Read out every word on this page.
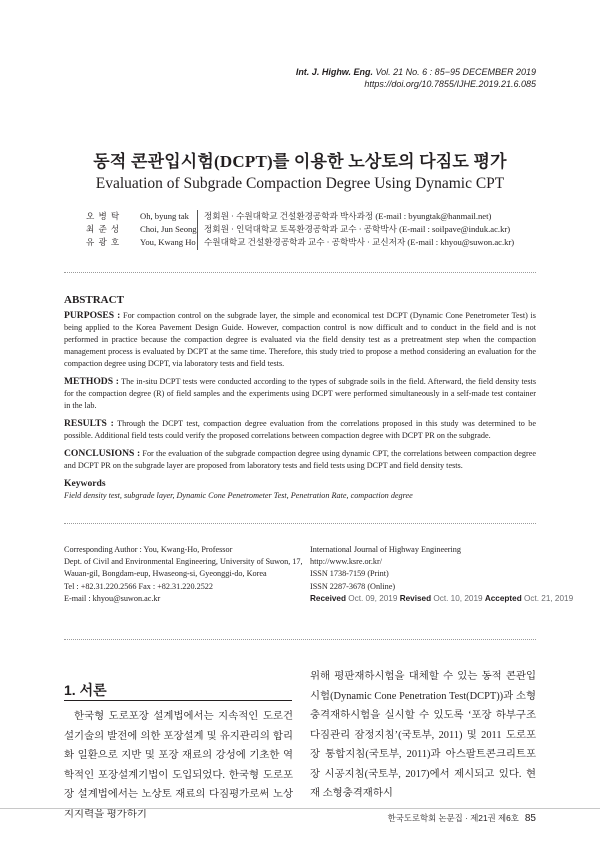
Int. J. Highw. Eng. Vol. 21 No. 6 : 85−95 DECEMBER 2019
https://doi.org/10.7855/IJHE.2019.21.6.085
동적 콘관입시험(DCPT)를 이용한 노상토의 다짐도 평가
Evaluation of Subgrade Compaction Degree Using Dynamic CPT
오 병 탁	Oh, byung tak 정회원 · 수원대학교 건설환경공학과 박사과정 (E-mail : byungtak@hanmail.net)
최 준 성	Choi, Jun Seong 정회원 · 인덕대학교 토목환경공학과 교수 · 공학박사 (E-mail : soilpave@induk.ac.kr)
유 광 호	You, Kwang Ho 수원대학교 건설환경공학과 교수 · 공학박사 · 교신저자 (E-mail : khyou@suwon.ac.kr)
ABSTRACT

PURPOSES : For compaction control on the subgrade layer, the simple and economical test DCPT (Dynamic Cone Penetrometer Test) is being applied to the Korea Pavement Design Guide. However, compaction control is now difficult and to conduct in the field and is not performed in practice because the compaction degree is evaluated via the field density test as a pretreatment step when the compaction management process is evaluated by DCPT at the same time. Therefore, this study tried to propose a method considering an evaluation for the compaction degree using DCPT, via laboratory tests and field tests.

METHODS : The in-situ DCPT tests were conducted according to the types of subgrade soils in the field. Afterward, the field density tests for the compaction degree (R) of field samples and the experiments using DCPT were performed simultaneously in a self-made test container in the lab.

RESULTS : Through the DCPT test, compaction degree evaluation from the correlations proposed in this study was determined to be possible. Additional field tests could verify the proposed correlations between compaction degree with DCPT PR on the subgrade.

CONCLUSIONS : For the evaluation of the subgrade compaction degree using dynamic CPT, the correlations between compaction degree and DCPT PR on the subgrade layer are proposed from laboratory tests and field tests using DCPT and field density tests.

Keywords
Field density test, subgrade layer, Dynamic Cone Penetrometer Test, Penetration Rate, compaction degree
Corresponding Author : You, Kwang-Ho, Professor
Dept. of Civil and Environmental Engineering, University of Suwon, 17,
Wauan-gil, Bongdam-eup, Hwaseong-si, Gyeonggi-do, Korea
Tel : +82.31.220.2566 Fax : +82.31.220.2522
E-mail : khyou@suwon.ac.kr
International Journal of Highway Engineering
http://www.ksre.or.kr/
ISSN 1738-7159 (Print)
ISSN 2287-3678 (Online)
Received Oct. 09, 2019 Revised Oct. 10, 2019 Accepted Oct. 21, 2019
1. 서론
한국형 도로포장 설계법에서는 지속적인 도로건설기술의 발전에 의한 포장설계 및 유지관리의 합리화 일환으로 지반 및 포장 재료의 강성에 기초한 역학적인 포장설계기법이 도입되었다. 한국형 도로포장 설계법에서는 노상토 재료의 다짐평가로써 노상 지지력을 평가하기
위해 평판재하시험을 대체할 수 있는 동적 콘관입시험(Dynamic Cone Penetration Test(DCPT))과 소형충격재하시험을 실시할 수 있도록 ‘포장 하부구조 다짐관리 잠정지침’(국토부, 2011) 및 2011 도로포장 통합지침(국토부, 2011)과 아스팔트콘크리트포장 시공지침(국토부, 2017)에서 제시되고 있다. 현재 소형충격재하시
한국도로학회 논문집 · 제21권 제6호 85
